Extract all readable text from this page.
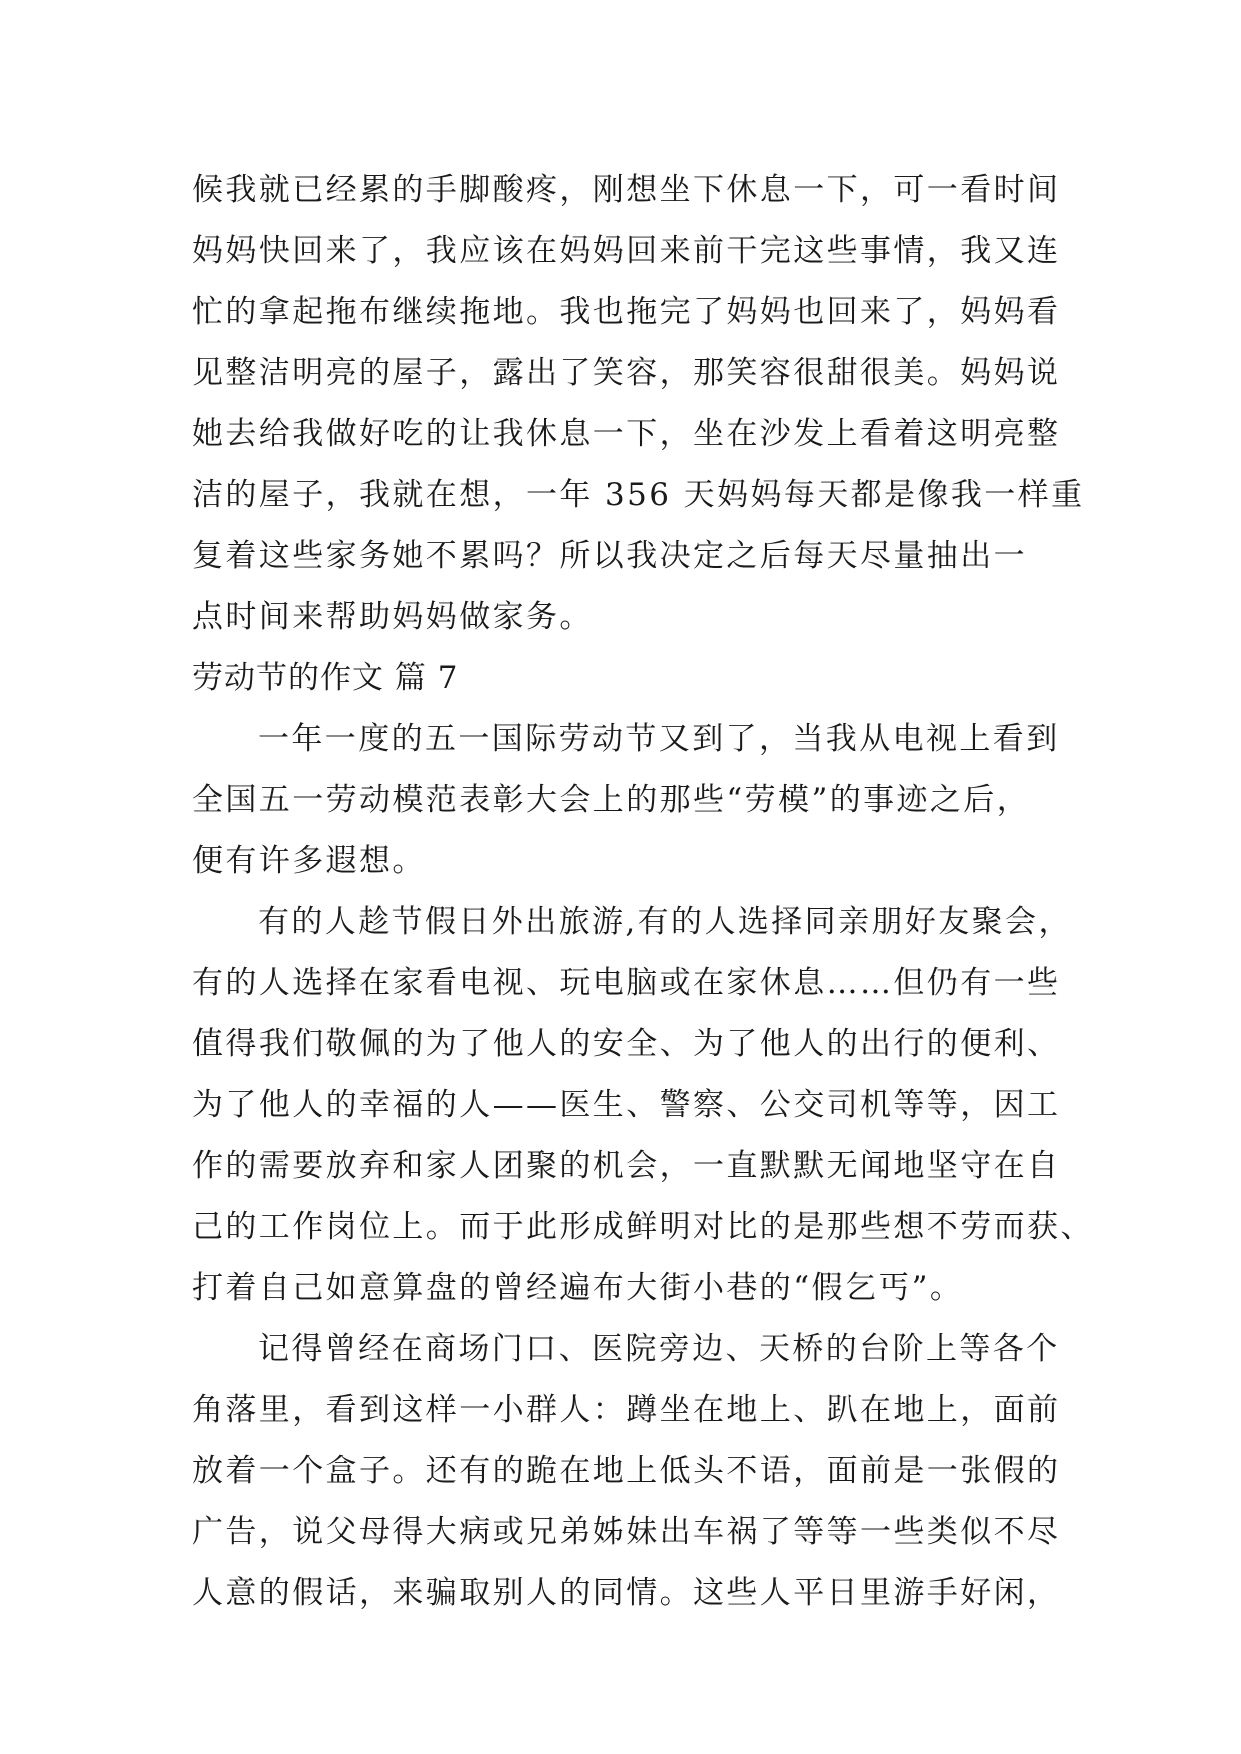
候我就已经累的手脚酸疼，刚想坐下休息一下，可一看时间
妈妈快回来了，我应该在妈妈回来前干完这些事情，我又连
忙的拿起拖布继续拖地。我也拖完了妈妈也回来了，妈妈看
见整洁明亮的屋子，露出了笑容，那笑容很甜很美。妈妈说
她去给我做好吃的让我休息一下，坐在沙发上看着这明亮整
洁的屋子，我就在想，一年 356 天妈妈每天都是像我一样重
复着这些家务她不累吗？所以我决定之后每天尽量抽出一
点时间来帮助妈妈做家务。
劳动节的作文 篇 7
一年一度的五一国际劳动节又到了，当我从电视上看到
全国五一劳动模范表彰大会上的那些“劳模”的事迹之后，
便有许多遐想。
有的人趁节假日外出旅游,有的人选择同亲朋好友聚会，
有的人选择在家看电视、玩电脑或在家休息……但仍有一些
值得我们敬佩的为了他人的安全、为了他人的出行的便利、
为了他人的幸福的人——医生、警察、公交司机等等，因工
作的需要放弃和家人团聚的机会，一直默默无闻地坚守在自
己的工作岗位上。而于此形成鲜明对比的是那些想不劳而获、
打着自己如意算盘的曾经遍布大街小巷的“假乞丐”。
记得曾经在商场门口、医院旁边、天桥的台阶上等各个
角落里，看到这样一小群人：蹲坐在地上、趴在地上，面前
放着一个盒子。还有的跪在地上低头不语，面前是一张假的
广告，说父母得大病或兄弟姊妹出车祸了等等一些类似不尽
人意的假话，来骗取别人的同情。这些人平日里游手好闲，
